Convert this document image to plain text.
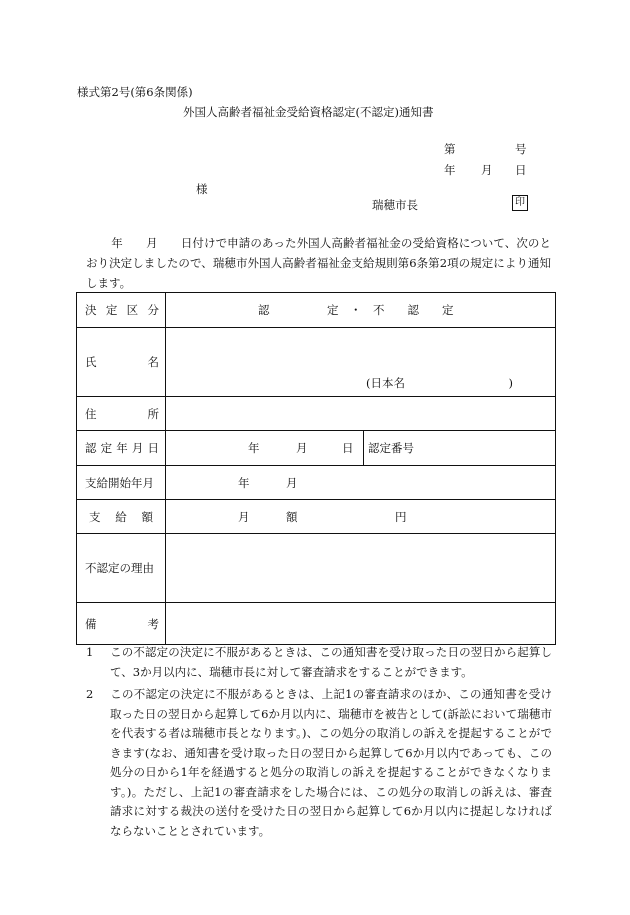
様式第2号(第6条関係)
外国人高齢者福祉金受給資格認定(不認定)通知書
第	号
年 月 日
様
瑞穂市長	印
年　　月　　日付けで申請のあった外国人高齢者福祉金の受給資格について、次のとおり決定しましたので、瑞穂市外国人高齢者福祉金支給規則第6条第2項の規定により通知します。
決 定 区 分	認　　　　　定　・　不　　認　　定	

氏 名	(日本名　　　　　　　　　)	

住 所		

認 定 年 月 日	年 月 日	認定番号

支給開始年月	年 月	

支 給 額	月 額 円	

不認定の理由		

備 考		

1 この不認定の決定に不服があるときは、この通知書を受け取った日の翌日から起算して、3か月以内に、瑞穂市長に対して審査請求をすることができます。
2 この不認定の決定に不服があるときは、上記1の審査請求のほか、この通知書を受け取った日の翌日から起算して6か月以内に、瑞穂市を被告として(訴訟において瑞穂市を代表する者は瑞穂市長となります。)、この処分の取消しの訴えを提起することができます(なお、通知書を受け取った日の翌日から起算して6か月以内であっても、この処分の日から1年を経過すると処分の取消しの訴えを提起することができなくなります。)。ただし、上記1の審査請求をした場合には、この処分の取消しの訴えは、審査請求に対する裁決の送付を受けた日の翌日から起算して6か月以内に提起しなければならないこととされています。
